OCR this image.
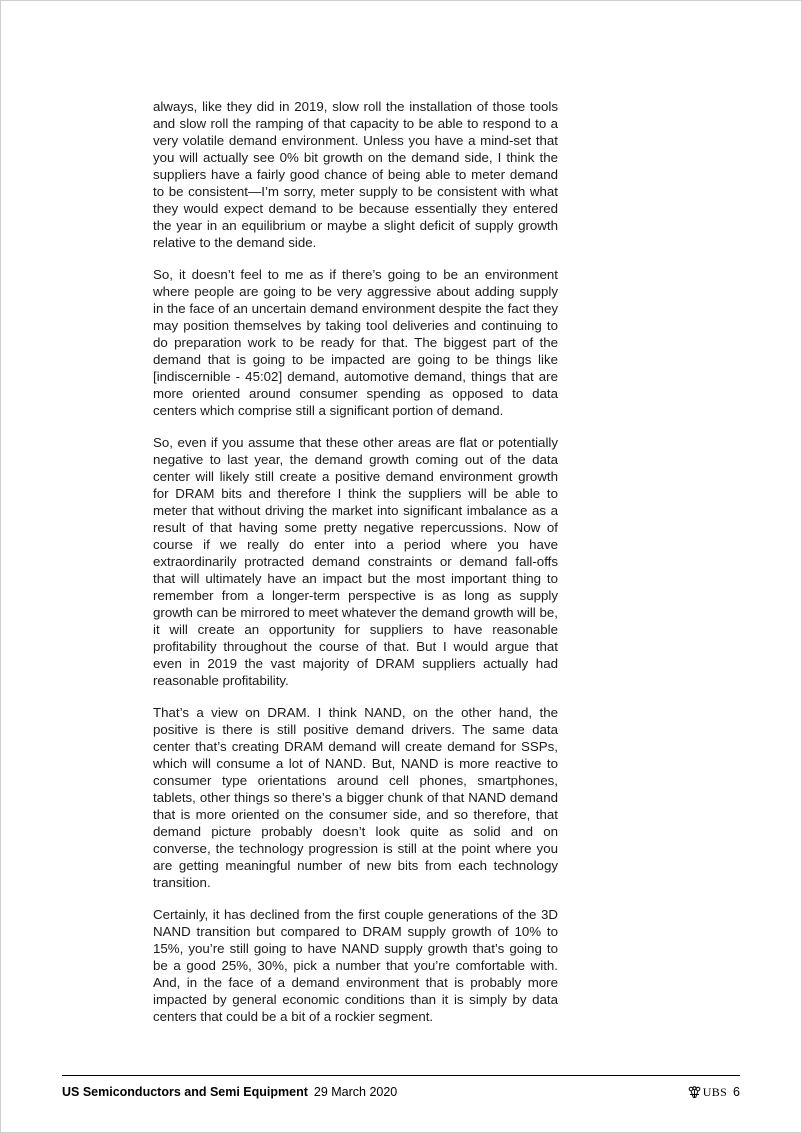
always, like they did in 2019, slow roll the installation of those tools and slow roll the ramping of that capacity to be able to respond to a very volatile demand environment. Unless you have a mind-set that you will actually see 0% bit growth on the demand side, I think the suppliers have a fairly good chance of being able to meter demand to be consistent—I’m sorry, meter supply to be consistent with what they would expect demand to be because essentially they entered the year in an equilibrium or maybe a slight deficit of supply growth relative to the demand side.

So, it doesn’t feel to me as if there’s going to be an environment where people are going to be very aggressive about adding supply in the face of an uncertain demand environment despite the fact they may position themselves by taking tool deliveries and continuing to do preparation work to be ready for that. The biggest part of the demand that is going to be impacted are going to be things like [indiscernible - 45:02] demand, automotive demand, things that are more oriented around consumer spending as opposed to data centers which comprise still a significant portion of demand.

So, even if you assume that these other areas are flat or potentially negative to last year, the demand growth coming out of the data center will likely still create a positive demand environment growth for DRAM bits and therefore I think the suppliers will be able to meter that without driving the market into significant imbalance as a result of that having some pretty negative repercussions. Now of course if we really do enter into a period where you have extraordinarily protracted demand constraints or demand fall-offs that will ultimately have an impact but the most important thing to remember from a longer-term perspective is as long as supply growth can be mirrored to meet whatever the demand growth will be, it will create an opportunity for suppliers to have reasonable profitability throughout the course of that. But I would argue that even in 2019 the vast majority of DRAM suppliers actually had reasonable profitability.

That’s a view on DRAM. I think NAND, on the other hand, the positive is there is still positive demand drivers. The same data center that’s creating DRAM demand will create demand for SSPs, which will consume a lot of NAND. But, NAND is more reactive to consumer type orientations around cell phones, smartphones, tablets, other things so there’s a bigger chunk of that NAND demand that is more oriented on the consumer side, and so therefore, that demand picture probably doesn’t look quite as solid and on converse, the technology progression is still at the point where you are getting meaningful number of new bits from each technology transition.

Certainly, it has declined from the first couple generations of the 3D NAND transition but compared to DRAM supply growth of 10% to 15%, you’re still going to have NAND supply growth that’s going to be a good 25%, 30%, pick a number that you’re comfortable with. And, in the face of a demand environment that is probably more impacted by general economic conditions than it is simply by data centers that could be a bit of a rockier segment.

US Semiconductors and Semi Equipment 29 March 2020	UBS 6
